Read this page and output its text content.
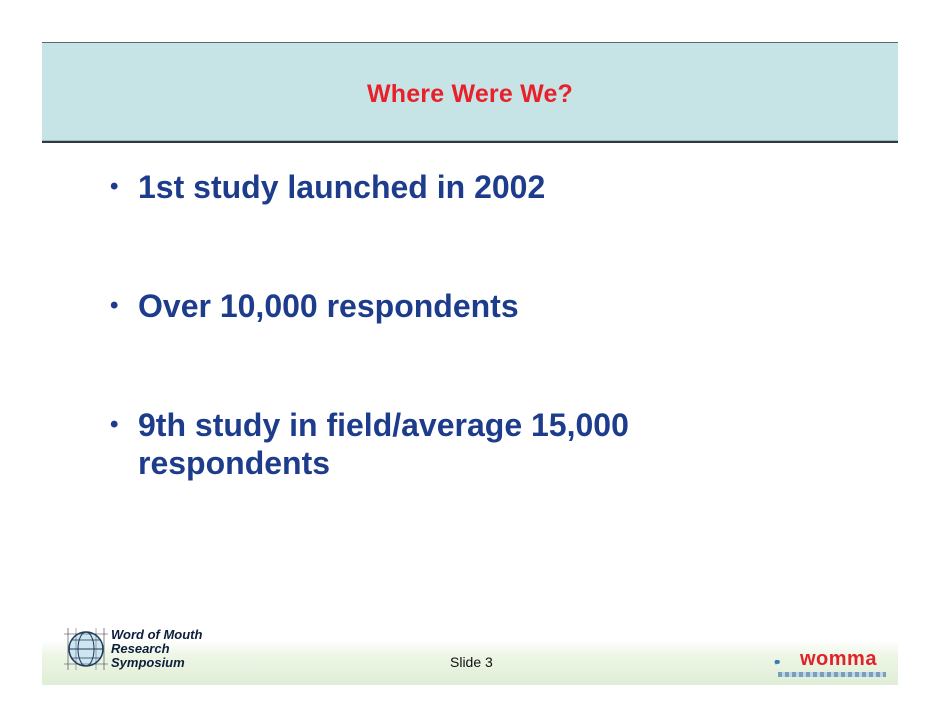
Where Were We?
• 1st study launched in 2002
• Over 10,000 respondents
• 9th study in field/average 15,000 respondents
Word of Mouth
Research
Symposium	Slide 3	womma
